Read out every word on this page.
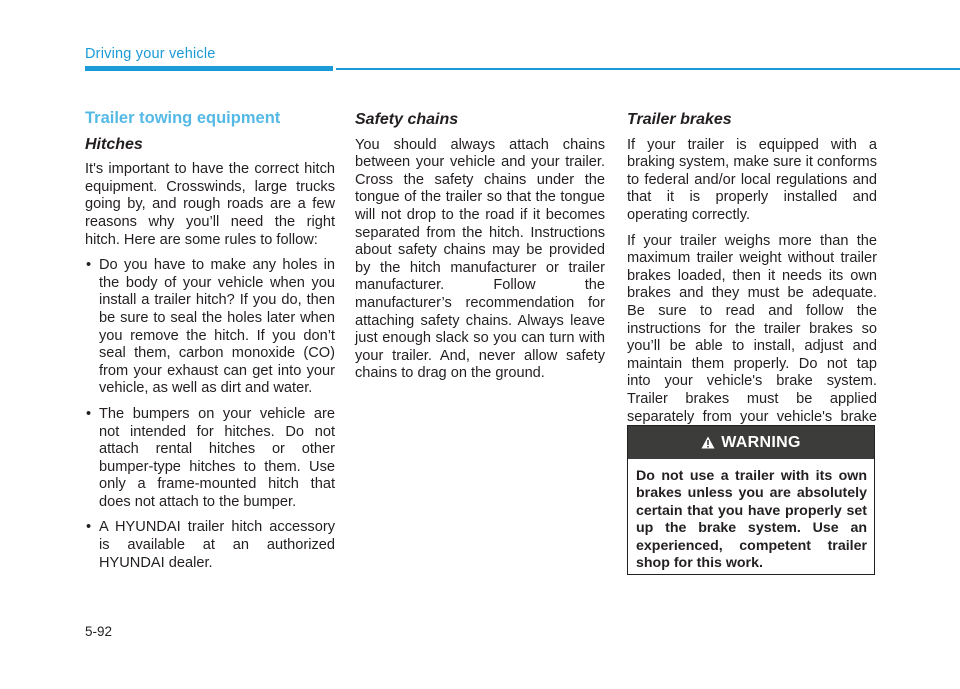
Driving your vehicle
Trailer towing equipment
Hitches

It's important to have the correct hitch equipment. Crosswinds, large trucks going by, and rough roads are a few reasons why you’ll need the right hitch. Here are some rules to follow:

• Do you have to make any holes in the body of your vehicle when you install a trailer hitch? If you do, then be sure to seal the holes later when you remove the hitch. If you don’t seal them, carbon monoxide (CO) from your exhaust can get into your vehicle, as well as dirt and water.
• The bumpers on your vehicle are not intended for hitches. Do not attach rental hitches or other bumper-type hitches to them. Use only a frame-mounted hitch that does not attach to the bumper.
• A HYUNDAI trailer hitch accessory is available at an authorized HYUNDAI dealer.
Safety chains

You should always attach chains between your vehicle and your trailer. Cross the safety chains under the tongue of the trailer so that the tongue will not drop to the road if it becomes separated from the hitch. Instructions about safety chains may be provided by the hitch manufacturer or trailer manufacturer. Follow the manufacturer’s recommendation for attaching safety chains. Always leave just enough slack so you can turn with your trailer. And, never allow safety chains to drag on the ground.

Trailer brakes

If your trailer is equipped with a braking system, make sure it conforms to federal and/or local regulations and that it is properly installed and operating correctly.

If your trailer weighs more than the maximum trailer weight without trailer brakes loaded, then it needs its own brakes and they must be adequate. Be sure to read and follow the instructions for the trailer brakes so you’ll be able to install, adjust and maintain them properly. Do not tap into your vehicle's brake system. Trailer brakes must be applied separately from your vehicle's brake

WARNING
Do not use a trailer with its own brakes unless you are absolutely certain that you have properly set up the brake system. Use an experienced, competent trailer shop for this work.
5-92
